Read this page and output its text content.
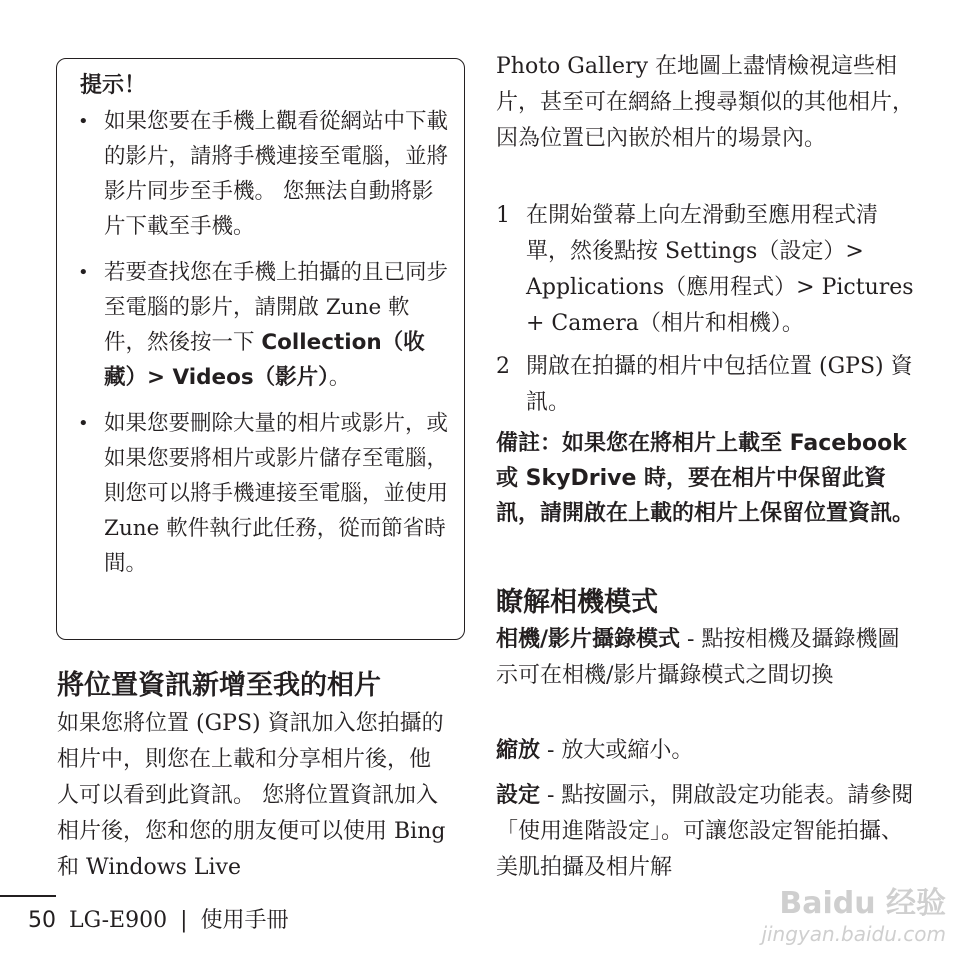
提示！
• 如果您要在手機上觀看從網站中下載的影片，請將手機連接至電腦，並將影片同步至手機。 您無法自動將影片下載至手機。
• 若要查找您在手機上拍攝的且已同步至電腦的影片，請開啟 Zune 軟件，然後按一下 Collection（收藏）> Videos（影片）。
• 如果您要刪除大量的相片或影片，或如果您要將相片或影片儲存至電腦，則您可以將手機連接至電腦，並使用 Zune 軟件執行此任務，從而節省時間。
將位置資訊新增至我的相片
如果您將位置 (GPS) 資訊加入您拍攝的相片中，則您在上載和分享相片後，他人可以看到此資訊。 您將位置資訊加入相片後，您和您的朋友便可以使用 Bing 和 Windows Live
Photo Gallery 在地圖上盡情檢視這些相片，甚至可在網絡上搜尋類似的其他相片，因為位置已內嵌於相片的場景內。
1 在開始螢幕上向左滑動至應用程式清單，然後點按 Settings（設定）> Applications（應用程式）> Pictures + Camera（相片和相機）。
2 開啟在拍攝的相片中包括位置 (GPS) 資訊。
備註：如果您在將相片上載至 Facebook 或 SkyDrive 時，要在相片中保留此資訊，請開啟在上載的相片上保留位置資訊。
瞭解相機模式
相機/影片攝錄模式 - 點按相機及攝錄機圖示可在相機/影片攝錄模式之間切換
縮放 - 放大或縮小。
設定 - 點按圖示，開啟設定功能表。請參閱「使用進階設定」。可讓您設定智能拍攝、美肌拍攝及相片解
50 LG-E900 | 使用手冊	Baidu 经验
jingyan.baidu.com
